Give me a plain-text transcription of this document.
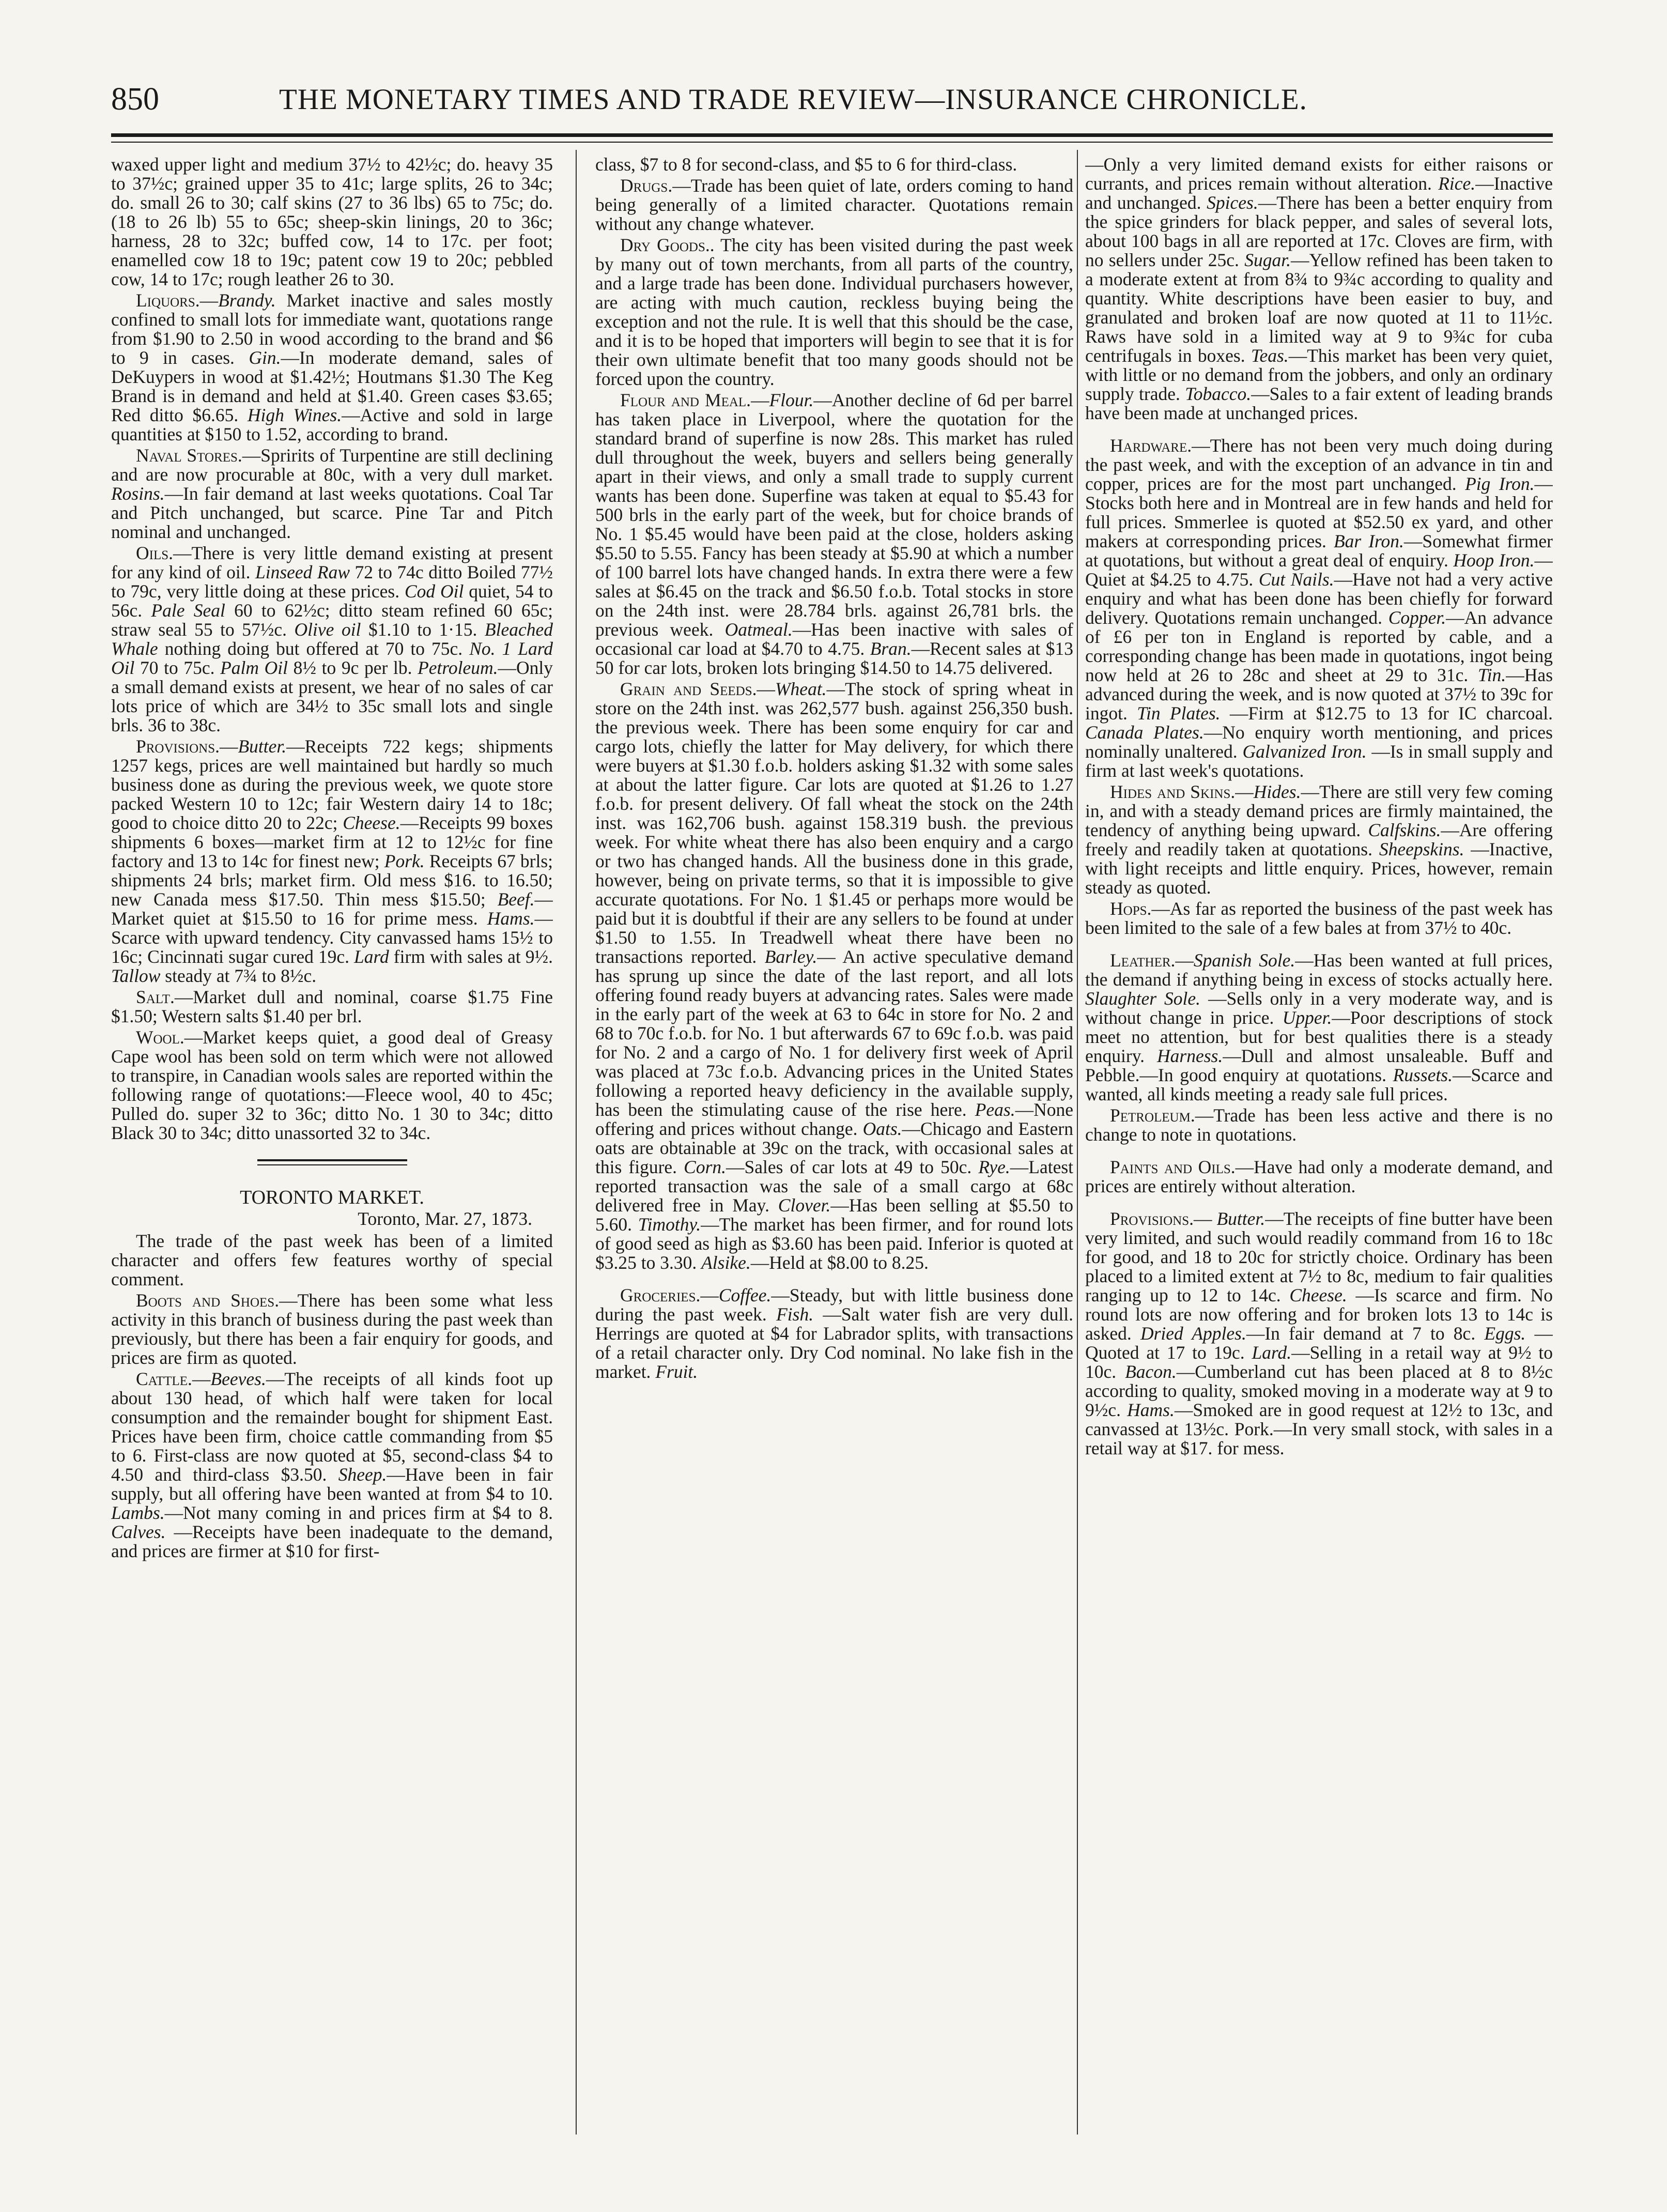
850	THE MONETARY TIMES AND TRADE REVIEW—INSURANCE CHRONICLE.

waxed upper light and medium 37½ to 42½c; do. heavy 35 to 37½c; grained upper 35 to 41c; large splits, 26 to 34c; do. small 26 to 30; calf skins (27 to 36 lbs) 65 to 75c; do. (18 to 26 lb) 55 to 65c; sheep-skin linings, 20 to 36c; harness, 28 to 32c; buffed cow, 14 to 17c. per foot; enamelled cow 18 to 19c; patent cow 19 to 20c; pebbled cow, 14 to 17c; rough leather 26 to 30.

Liquors.—Brandy. Market inactive and sales mostly confined to small lots for immediate want, quotations range from $1.90 to 2.50 in wood according to the brand and $6 to 9 in cases. Gin.—In moderate demand, sales of DeKuypers in wood at $1.42½; Houtmans $1.30 The Keg Brand is in demand and held at $1.40. Green cases $3.65; Red ditto $6.65. High Wines.—Active and sold in large quantities at $150 to 1.52, according to brand.

Naval Stores.—Spririts of Turpentine are still declining and are now procurable at 80c, with a very dull market. Rosins.—In fair demand at last weeks quotations. Coal Tar and Pitch unchanged, but scarce. Pine Tar and Pitch nominal and unchanged.

Oils.—There is very little demand existing at present for any kind of oil. Linseed Raw 72 to 74c ditto Boiled 77½ to 79c, very little doing at these prices. Cod Oil quiet, 54 to 56c. Pale Seal 60 to 62½c; ditto steam refined 60 65c; straw seal 55 to 57½c. Olive oil $1.10 to 1·15. Bleached Whale nothing doing but offered at 70 to 75c. No. 1 Lard Oil 70 to 75c. Palm Oil 8½ to 9c per lb. Petroleum.—Only a small demand exists at present, we hear of no sales of car lots price of which are 34½ to 35c small lots and single brls. 36 to 38c.

Provisions.—Butter.—Receipts 722 kegs; shipments 1257 kegs, prices are well maintained but hardly so much business done as during the previous week, we quote store packed Western 10 to 12c; fair Western dairy 14 to 18c; good to choice ditto 20 to 22c; Cheese.—Receipts 99 boxes shipments 6 boxes—market firm at 12 to 12½c for fine factory and 13 to 14c for finest new; Pork. Receipts 67 brls; shipments 24 brls; market firm. Old mess $16. to 16.50; new Canada mess $17.50. Thin mess $15.50; Beef.—Market quiet at $15.50 to 16 for prime mess. Hams.—Scarce with upward tendency. City canvassed hams 15½ to 16c; Cincinnati sugar cured 19c. Lard firm with sales at 9½. Tallow steady at 7¾ to 8½c.

Salt.—Market dull and nominal, coarse $1.75 Fine $1.50; Western salts $1.40 per brl.

Wool.—Market keeps quiet, a good deal of Greasy Cape wool has been sold on term which were not allowed to transpire, in Canadian wools sales are reported within the following range of quotations:—Fleece wool, 40 to 45c; Pulled do. super 32 to 36c; ditto No. 1 30 to 34c; ditto Black 30 to 34c; ditto unassorted 32 to 34c.

TORONTO MARKET.

Toronto, Mar. 27, 1873.

The trade of the past week has been of a limited character and offers few features worthy of special comment.

Boots and Shoes.—There has been some what less activity in this branch of business during the past week than previously, but there has been a fair enquiry for goods, and prices are firm as quoted.

Cattle.—Beeves.—The receipts of all kinds foot up about 130 head, of which half were taken for local consumption and the remainder bought for shipment East. Prices have been firm, choice cattle commanding from $5 to 6. First-class are now quoted at $5, second-class $4 to 4.50 and third-class $3.50. Sheep.—Have been in fair supply, but all offering have been wanted at from $4 to 10. Lambs.—Not many coming in and prices firm at $4 to 8. Calves. —Receipts have been inadequate to the demand, and prices are firmer at $10 for first-

class, $7 to 8 for second-class, and $5 to 6 for third-class.

Drugs.—Trade has been quiet of late, orders coming to hand being generally of a limited character. Quotations remain without any change whatever.

Dry Goods.. The city has been visited during the past week by many out of town merchants, from all parts of the country, and a large trade has been done. Individual purchasers however, are acting with much caution, reckless buying being the exception and not the rule. It is well that this should be the case, and it is to be hoped that importers will begin to see that it is for their own ultimate benefit that too many goods should not be forced upon the country.

Flour and Meal.—Flour.—Another decline of 6d per barrel has taken place in Liverpool, where the quotation for the standard brand of superfine is now 28s. This market has ruled dull throughout the week, buyers and sellers being generally apart in their views, and only a small trade to supply current wants has been done. Superfine was taken at equal to $5.43 for 500 brls in the early part of the week, but for choice brands of No. 1 $5.45 would have been paid at the close, holders asking $5.50 to 5.55. Fancy has been steady at $5.90 at which a number of 100 barrel lots have changed hands. In extra there were a few sales at $6.45 on the track and $6.50 f.o.b. Total stocks in store on the 24th inst. were 28.784 brls. against 26,781 brls. the previous week. Oatmeal.—Has been inactive with sales of occasional car load at $4.70 to 4.75. Bran.—Recent sales at $13 50 for car lots, broken lots bringing $14.50 to 14.75 delivered.

Grain and Seeds.—Wheat.—The stock of spring wheat in store on the 24th inst. was 262,577 bush. against 256,350 bush. the previous week. There has been some enquiry for car and cargo lots, chiefly the latter for May delivery, for which there were buyers at $1.30 f.o.b. holders asking $1.32 with some sales at about the latter figure. Car lots are quoted at $1.26 to 1.27 f.o.b. for present delivery. Of fall wheat the stock on the 24th inst. was 162,706 bush. against 158.319 bush. the previous week. For white wheat there has also been enquiry and a cargo or two has changed hands. All the business done in this grade, however, being on private terms, so that it is impossible to give accurate quotations. For No. 1 $1.45 or perhaps more would be paid but it is doubtful if their are any sellers to be found at under $1.50 to 1.55. In Treadwell wheat there have been no transactions reported. Barley.— An active speculative demand has sprung up since the date of the last report, and all lots offering found ready buyers at advancing rates. Sales were made in the early part of the week at 63 to 64c in store for No. 2 and 68 to 70c f.o.b. for No. 1 but afterwards 67 to 69c f.o.b. was paid for No. 2 and a cargo of No. 1 for delivery first week of April was placed at 73c f.o.b. Advancing prices in the United States following a reported heavy deficiency in the available supply, has been the stimulating cause of the rise here. Peas.—None offering and prices without change. Oats.—Chicago and Eastern oats are obtainable at 39c on the track, with occasional sales at this figure. Corn.—Sales of car lots at 49 to 50c. Rye.—Latest reported transaction was the sale of a small cargo at 68c delivered free in May. Clover.—Has been selling at $5.50 to 5.60. Timothy.—The market has been firmer, and for round lots of good seed as high as $3.60 has been paid. Inferior is quoted at $3.25 to 3.30. Alsike.—Held at $8.00 to 8.25.

Groceries.—Coffee.—Steady, but with little business done during the past week. Fish. —Salt water fish are very dull. Herrings are quoted at $4 for Labrador splits, with transactions of a retail character only. Dry Cod nominal. No lake fish in the market. Fruit.

—Only a very limited demand exists for either raisons or currants, and prices remain without alteration. Rice.—Inactive and unchanged. Spices.—There has been a better enquiry from the spice grinders for black pepper, and sales of several lots, about 100 bags in all are reported at 17c. Cloves are firm, with no sellers under 25c. Sugar.—Yellow refined has been taken to a moderate extent at from 8¾ to 9¾c according to quality and quantity. White descriptions have been easier to buy, and granulated and broken loaf are now quoted at 11 to 11½c. Raws have sold in a limited way at 9 to 9¾c for cuba centrifugals in boxes. Teas.—This market has been very quiet, with little or no demand from the jobbers, and only an ordinary supply trade. Tobacco.—Sales to a fair extent of leading brands have been made at unchanged prices.

Hardware.—There has not been very much doing during the past week, and with the exception of an advance in tin and copper, prices are for the most part unchanged. Pig Iron.— Stocks both here and in Montreal are in few hands and held for full prices. Smmerlee is quoted at $52.50 ex yard, and other makers at corresponding prices. Bar Iron.—Somewhat firmer at quotations, but without a great deal of enquiry. Hoop Iron.—Quiet at $4.25 to 4.75. Cut Nails.—Have not had a very active enquiry and what has been done has been chiefly for forward delivery. Quotations remain unchanged. Copper.—An advance of £6 per ton in England is reported by cable, and a corresponding change has been made in quotations, ingot being now held at 26 to 28c and sheet at 29 to 31c. Tin.—Has advanced during the week, and is now quoted at 37½ to 39c for ingot. Tin Plates. —Firm at $12.75 to 13 for IC charcoal. Canada Plates.—No enquiry worth mentioning, and prices nominally unaltered. Galvanized Iron. —Is in small supply and firm at last week's quotations.

Hides and Skins.—Hides.—There are still very few coming in, and with a steady demand prices are firmly maintained, the tendency of anything being upward. Calfskins.—Are offering freely and readily taken at quotations. Sheepskins. —Inactive, with light receipts and little enquiry. Prices, however, remain steady as quoted.

Hops.—As far as reported the business of the past week has been limited to the sale of a few bales at from 37½ to 40c.

Leather.—Spanish Sole.—Has been wanted at full prices, the demand if anything being in excess of stocks actually here. Slaughter Sole. —Sells only in a very moderate way, and is without change in price. Upper.—Poor descriptions of stock meet no attention, but for best qualities there is a steady enquiry. Harness.—Dull and almost unsaleable. Buff and Pebble.—In good enquiry at quotations. Russets.—Scarce and wanted, all kinds meeting a ready sale full prices.

Petroleum.—Trade has been less active and there is no change to note in quotations.

Paints and Oils.—Have had only a moderate demand, and prices are entirely without alteration.

Provisions.— Butter.—The receipts of fine butter have been very limited, and such would readily command from 16 to 18c for good, and 18 to 20c for strictly choice. Ordinary has been placed to a limited extent at 7½ to 8c, medium to fair qualities ranging up to 12 to 14c. Cheese. —Is scarce and firm. No round lots are now offering and for broken lots 13 to 14c is asked. Dried Apples.—In fair demand at 7 to 8c. Eggs. —Quoted at 17 to 19c. Lard.—Selling in a retail way at 9½ to 10c. Bacon.—Cumberland cut has been placed at 8 to 8½c according to quality, smoked moving in a moderate way at 9 to 9½c. Hams.—Smoked are in good request at 12½ to 13c, and canvassed at 13½c. Pork.—In very small stock, with sales in a retail way at $17. for mess.
